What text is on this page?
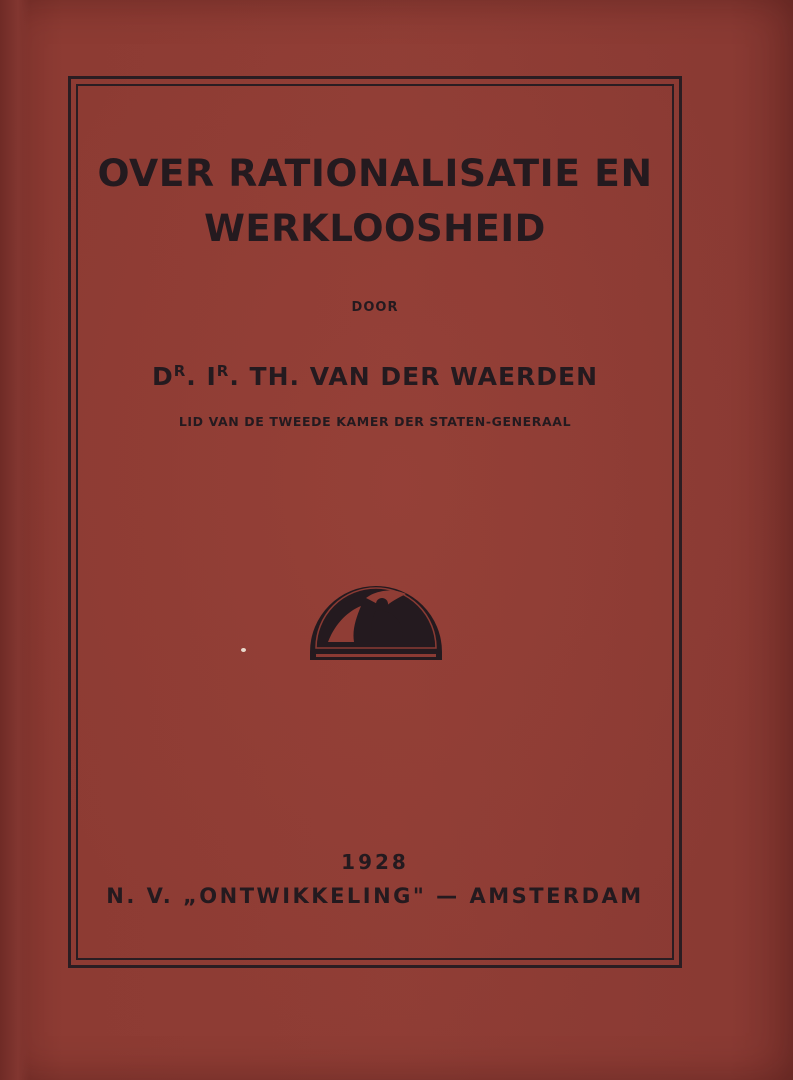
OVER RATIONALISATIE EN
WERKLOOSHEID
DOOR
$D^R$. $I^R$. TH. VAN DER WAERDEN
LID VAN DE TWEEDE KAMER DER STATEN-GENERAAL
1928
N. V. „ONTWIKKELING" — AMSTERDAM
